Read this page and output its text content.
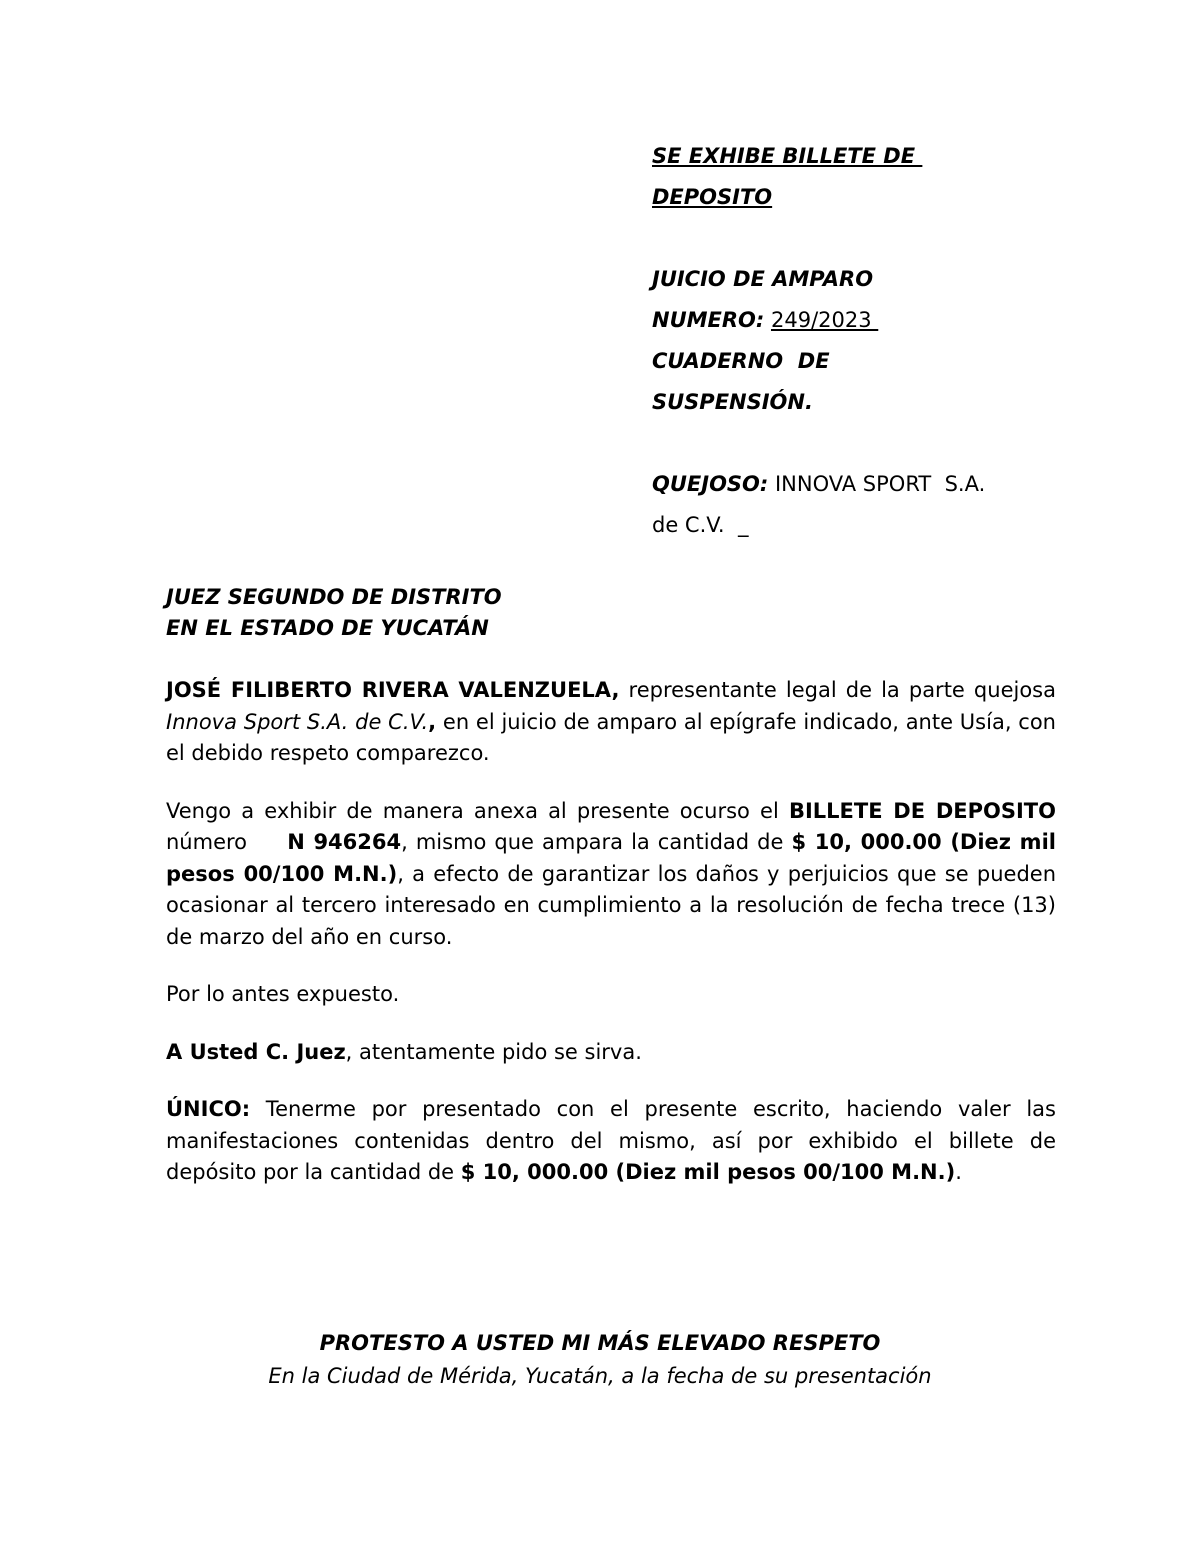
SE EXHIBE BILLETE DE
DEPOSITO
JUICIO DE AMPARO
NUMERO: 249/2023
CUADERNO  DE
SUSPENSIÓN.
QUEJOSO: INNOVA SPORT  S.A.
de C.V.  _
JUEZ SEGUNDO DE DISTRITO
EN EL ESTADO DE YUCATÁN

JOSÉ FILIBERTO RIVERA VALENZUELA, representante legal de la parte quejosa Innova Sport S.A. de C.V., en el juicio de amparo al epígrafe indicado, ante Usía, con el debido respeto comparezco.

Vengo a exhibir de manera anexa al presente ocurso el BILLETE DE DEPOSITO número     N 946264, mismo que ampara la cantidad de $ 10, 000.00 (Diez mil pesos 00/100 M.N.), a efecto de garantizar los daños y perjuicios que se pueden ocasionar al tercero interesado en cumplimiento a la resolución de fecha trece (13) de marzo del año en curso.

Por lo antes expuesto.

A Usted C. Juez, atentamente pido se sirva.

ÚNICO: Tenerme por presentado con el presente escrito, haciendo valer las manifestaciones contenidas dentro del mismo, así por exhibido el billete de depósito por la cantidad de $ 10, 000.00 (Diez mil pesos 00/100 M.N.).

PROTESTO A USTED MI MÁS ELEVADO RESPETO
En la Ciudad de Mérida, Yucatán, a la fecha de su presentación
